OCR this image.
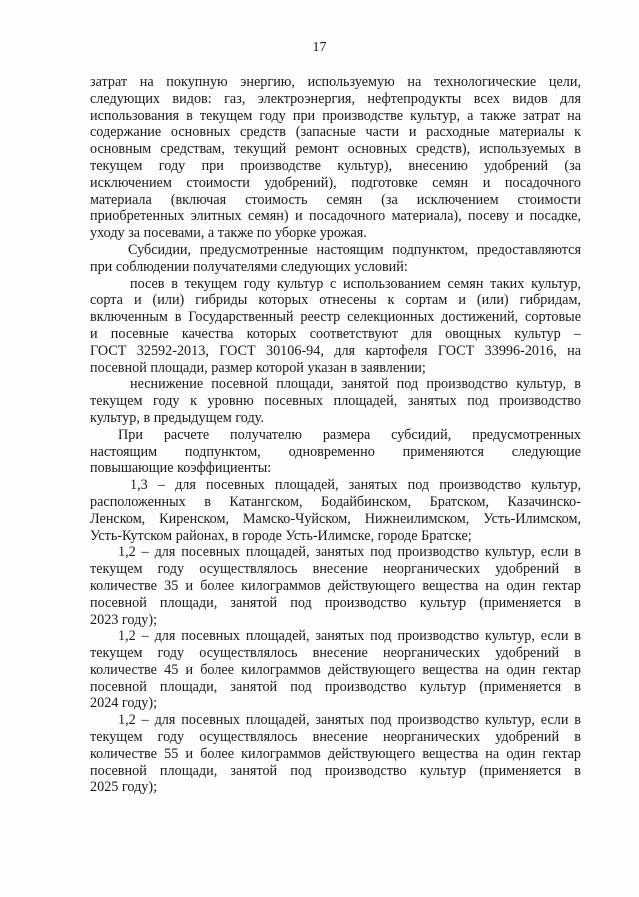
17
затрат на покупную энергию, используемую на технологические цели,
следующих видов: газ, электроэнергия, нефтепродукты всех видов для
использования в текущем году при производстве культур, а также затрат на
содержание основных средств (запасные части и расходные материалы к
основным средствам, текущий ремонт основных средств), используемых в
текущем году при производстве культур), внесению удобрений (за
исключением стоимости удобрений), подготовке семян и посадочного
материала (включая стоимость семян (за исключением стоимости
приобретенных элитных семян) и посадочного материала), посеву и посадке,
уходу за посевами, а также по уборке урожая.
Субсидии, предусмотренные настоящим подпунктом, предоставляются
при соблюдении получателями следующих условий:
посев в текущем году культур с использованием семян таких культур,
сорта и (или) гибриды которых отнесены к сортам и (или) гибридам,
включенным в Государственный реестр селекционных достижений, сортовые
и посевные качества которых соответствуют для овощных культур –
ГОСТ 32592-2013, ГОСТ 30106-94, для картофеля ГОСТ 33996-2016, на
посевной площади, размер которой указан в заявлении;
неснижение посевной площади, занятой под производство культур, в
текущем году к уровню посевных площадей, занятых под производство
культур, в предыдущем году.
При расчете получателю размера субсидий, предусмотренных
настоящим подпунктом, одновременно применяются следующие
повышающие коэффициенты:
1,3 – для посевных площадей, занятых под производство культур,
расположенных в Катангском, Бодайбинском, Братском, Казачинско-
Ленском, Киренском, Мамско-Чуйском, Нижнеилимском, Усть-Илимском,
Усть-Кутском районах, в городе Усть-Илимске, городе Братске;
1,2 – для посевных площадей, занятых под производство культур, если в
текущем году осуществлялось внесение неорганических удобрений в
количестве 35 и более килограммов действующего вещества на один гектар
посевной площади, занятой под производство культур (применяется в
2023 году);
1,2 – для посевных площадей, занятых под производство культур, если в
текущем году осуществлялось внесение неорганических удобрений в
количестве 45 и более килограммов действующего вещества на один гектар
посевной площади, занятой под производство культур (применяется в
2024 году);
1,2 – для посевных площадей, занятых под производство культур, если в
текущем году осуществлялось внесение неорганических удобрений в
количестве 55 и более килограммов действующего вещества на один гектар
посевной площади, занятой под производство культур (применяется в
2025 году);
